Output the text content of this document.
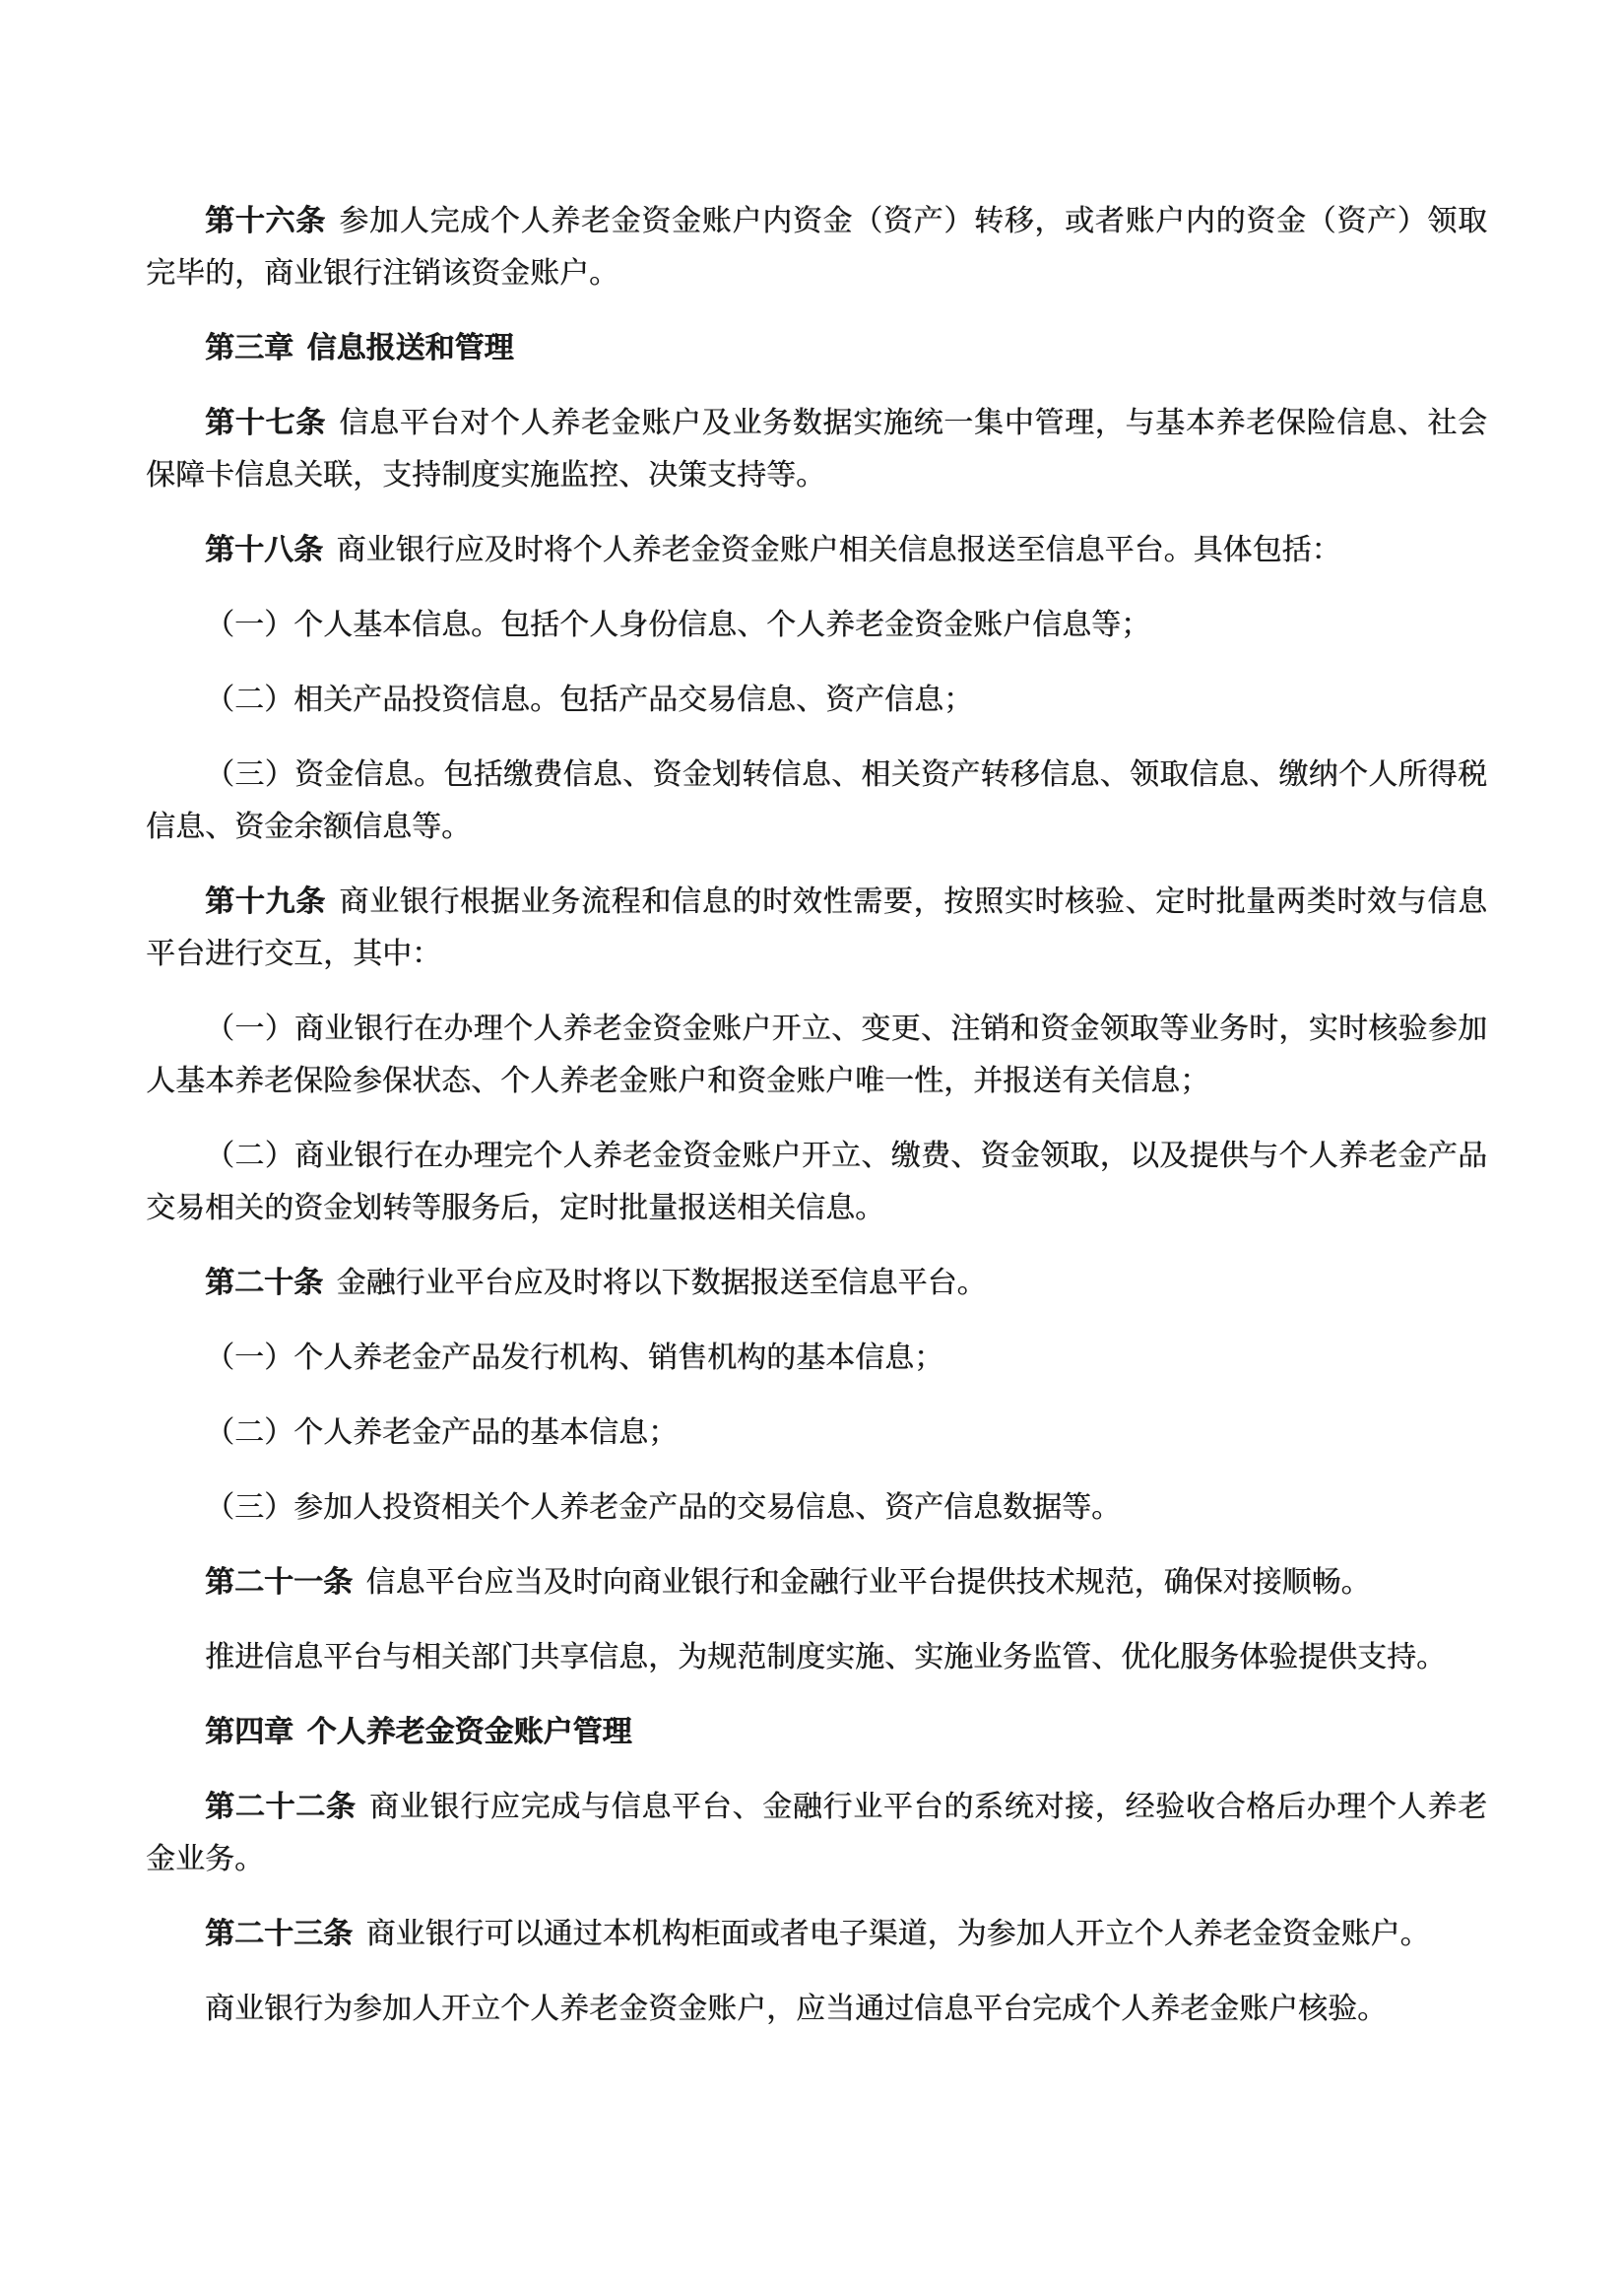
第十六条 参加人完成个人养老金资金账户内资金（资产）转移，或者账户内的资金（资产）领取完毕的，商业银行注销该资金账户。

第三章 信息报送和管理

第十七条 信息平台对个人养老金账户及业务数据实施统一集中管理，与基本养老保险信息、社会保障卡信息关联，支持制度实施监控、决策支持等。

第十八条 商业银行应及时将个人养老金资金账户相关信息报送至信息平台。具体包括：

（一）个人基本信息。包括个人身份信息、个人养老金资金账户信息等；

（二）相关产品投资信息。包括产品交易信息、资产信息；

（三）资金信息。包括缴费信息、资金划转信息、相关资产转移信息、领取信息、缴纳个人所得税信息、资金余额信息等。

第十九条 商业银行根据业务流程和信息的时效性需要，按照实时核验、定时批量两类时效与信息平台进行交互，其中：

（一）商业银行在办理个人养老金资金账户开立、变更、注销和资金领取等业务时，实时核验参加人基本养老保险参保状态、个人养老金账户和资金账户唯一性，并报送有关信息；

（二）商业银行在办理完个人养老金资金账户开立、缴费、资金领取，以及提供与个人养老金产品交易相关的资金划转等服务后，定时批量报送相关信息。

第二十条 金融行业平台应及时将以下数据报送至信息平台。

（一）个人养老金产品发行机构、销售机构的基本信息；

（二）个人养老金产品的基本信息；

（三）参加人投资相关个人养老金产品的交易信息、资产信息数据等。

第二十一条 信息平台应当及时向商业银行和金融行业平台提供技术规范，确保对接顺畅。

推进信息平台与相关部门共享信息，为规范制度实施、实施业务监管、优化服务体验提供支持。

第四章 个人养老金资金账户管理

第二十二条 商业银行应完成与信息平台、金融行业平台的系统对接，经验收合格后办理个人养老金业务。

第二十三条 商业银行可以通过本机构柜面或者电子渠道，为参加人开立个人养老金资金账户。

商业银行为参加人开立个人养老金资金账户，应当通过信息平台完成个人养老金账户核验。
